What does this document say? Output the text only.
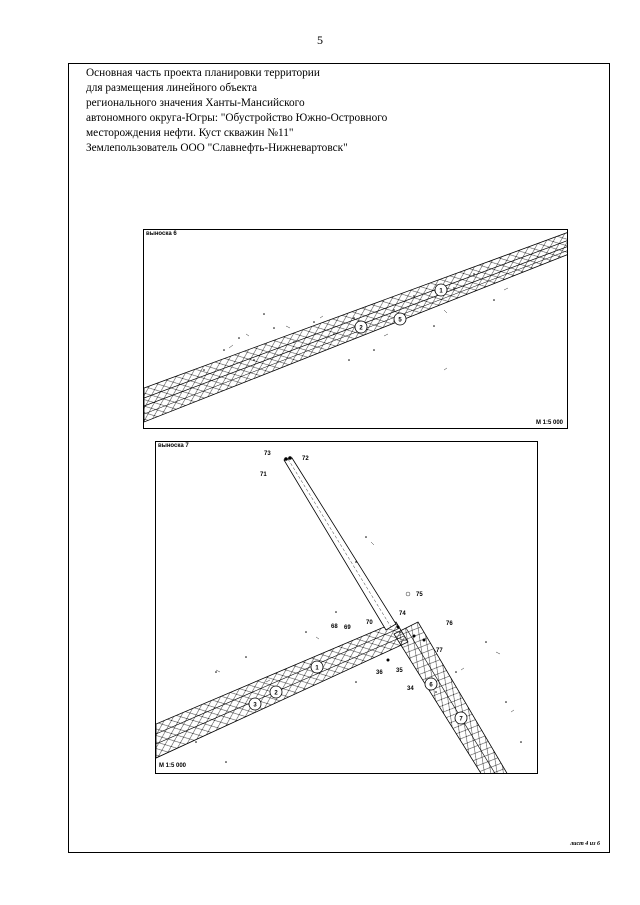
5
Основная часть проекта планировки территории
для размещения линейного объекта
регионального значения Ханты-Мансийского
автономного округа-Югры: "Обустройство Южно-Островного
месторождения нефти. Куст скважин №11"
Землепользователь ООО "Славнефть-Нижневартовск"
1
2
5
выноска 6
М 1:5 000
73
72
71
75
74
76
68 69
70
77
35
36
34
1
2
3
6
7
выноска 7
М 1:5 000
лист 4 из 6
